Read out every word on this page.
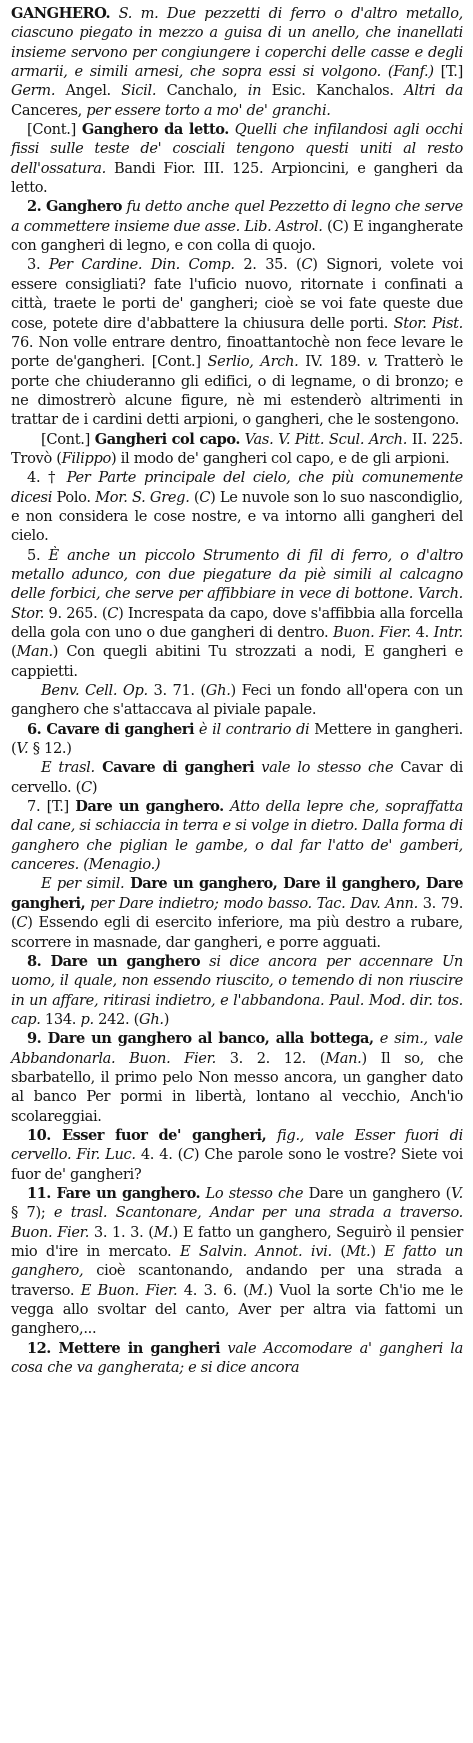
GANGHERO. S. m. Due pezzetti di ferro o d'altro metallo, ciascuno piegato in mezzo a guisa di un anello, che inanellati insieme servono per congiungere i coperchi delle casse e degli armarii, e simili arnesi, che sopra essi si volgono. (Fanf.) [T.] Germ. Angel. Sicil. Canchalo, in Esic. Kanchalos. Altri da Canceres, per essere torto a mo' de' granchi.

[Cont.] Ganghero da letto. Quelli che infilandosi agli occhi fissi sulle teste de' cosciali tengono questi uniti al resto dell'ossatura. Bandi Fior. III. 125. Arpioncini, e gangheri da letto.

2. Ganghero fu detto anche quel Pezzetto di legno che serve a commettere insieme due asse. Lib. Astrol. (C) E ingangherate con gangheri di legno, e con colla di quojo.

3. Per Cardine. Din. Comp. 2. 35. (C) Signori, volete voi essere consigliati? fate l'uficio nuovo, ritornate i confinati a città, traete le porti de' gangheri; cioè se voi fate queste due cose, potete dire d'abbattere la chiusura delle porti. Stor. Pist. 76. Non volle entrare dentro, finoattantochè non fece levare le porte de'gangheri. [Cont.] Serlio, Arch. IV. 189. v. Tratterò le porte che chiuderanno gli edifici, o di legname, o di bronzo; e ne dimostrerò alcune figure, nè mi estenderò altrimenti in trattar de i cardini detti arpioni, o gangheri, che le sostengono.

[Cont.] Gangheri col capo. Vas. V. Pitt. Scul. Arch. II. 225. Trovò (Filippo) il modo de' gangheri col capo, e de gli arpioni.

4. † Per Parte principale del cielo, che più comunemente dicesi Polo. Mor. S. Greg. (C) Le nuvole son lo suo nascondiglio, e non considera le cose nostre, e va intorno alli gangheri del cielo.

5. È anche un piccolo Strumento di fil di ferro, o d'altro metallo adunco, con due piegature da piè simili al calcagno delle forbici, che serve per affibbiare in vece di bottone. Varch. Stor. 9. 265. (C) Increspata da capo, dove s'affibbia alla forcella della gola con uno o due gangheri di dentro. Buon. Fier. 4. Intr. (Man.) Con quegli abitini Tu strozzati a nodi, E gangheri e cappietti.

Benv. Cell. Op. 3. 71. (Gh.) Feci un fondo all'opera con un ganghero che s'attaccava al piviale papale.

6. Cavare di gangheri è il contrario di Mettere in gangheri. (V. § 12.)

E trasl. Cavare di gangheri vale lo stesso che Cavar di cervello. (C)

7. [T.] Dare un ganghero. Atto della lepre che, sopraffatta dal cane, si schiaccia in terra e si volge in dietro. Dalla forma di ganghero che piglian le gambe, o dal far l'atto de' gamberi, canceres. (Menagio.)

E per simil. Dare un ganghero, Dare il ganghero, Dare gangheri, per Dare indietro; modo basso. Tac. Dav. Ann. 3. 79. (C) Essendo egli di esercito inferiore, ma più destro a rubare, scorrere in masnade, dar gangheri, e porre agguati.

8. Dare un ganghero si dice ancora per accennare Un uomo, il quale, non essendo riuscito, o temendo di non riuscire in un affare, ritirasi indietro, e l'abbandona. Paul. Mod. dir. tos. cap. 134. p. 242. (Gh.)

9. Dare un ganghero al banco, alla bottega, e sim., vale Abbandonarla. Buon. Fier. 3. 2. 12. (Man.) Il so, che sbarbatello, il primo pelo Non messo ancora, un gangher dato al banco Per pormi in libertà, lontano al vecchio, Anch'io scolareggiai.

10. Esser fuor de' gangheri, fig., vale Esser fuori di cervello. Fir. Luc. 4. 4. (C) Che parole sono le vostre? Siete voi fuor de' gangheri?

11. Fare un ganghero. Lo stesso che Dare un ganghero (V. § 7); e trasl. Scantonare, Andar per una strada a traverso. Buon. Fier. 3. 1. 3. (M.) E fatto un ganghero, Seguirò il pensier mio d'ire in mercato. E Salvin. Annot. ivi. (Mt.) E fatto un ganghero, cioè scantonando, andando per una strada a traverso. E Buon. Fier. 4. 3. 6. (M.) Vuol la sorte Ch'io me le vegga allo svoltar del canto, Aver per altra via fattomi un ganghero,...

12. Mettere in gangheri vale Accomodare a' gangheri la cosa che va gangherata; e si dice ancora
